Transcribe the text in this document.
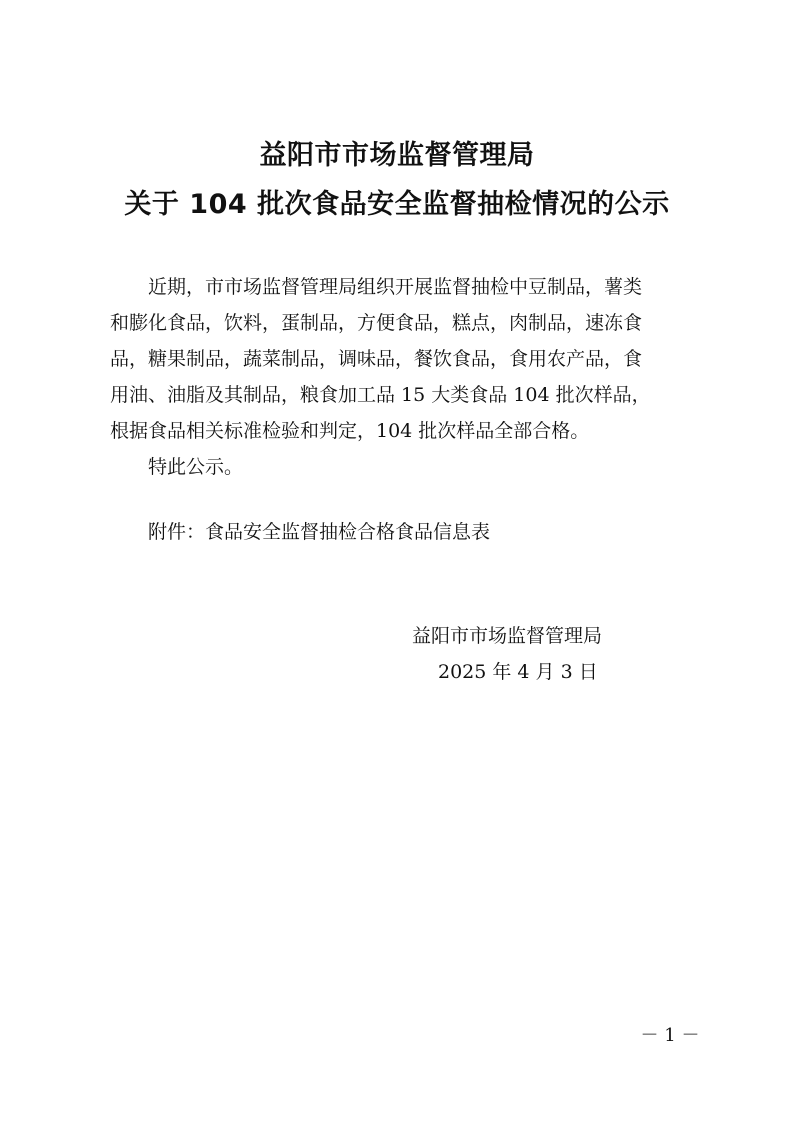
益阳市市场监督管理局
关于 104 批次食品安全监督抽检情况的公示
近期，市市场监督管理局组织开展监督抽检中豆制品，薯类
和膨化食品，饮料，蛋制品，方便食品，糕点，肉制品，速冻食
品，糖果制品，蔬菜制品，调味品，餐饮食品，食用农产品，食
用油、油脂及其制品，粮食加工品 15 大类食品 104 批次样品，
根据食品相关标准检验和判定，104 批次样品全部合格。
特此公示。
附件：食品安全监督抽检合格食品信息表
益阳市市场监督管理局
2025 年 4 月 3 日
－ 1 －
